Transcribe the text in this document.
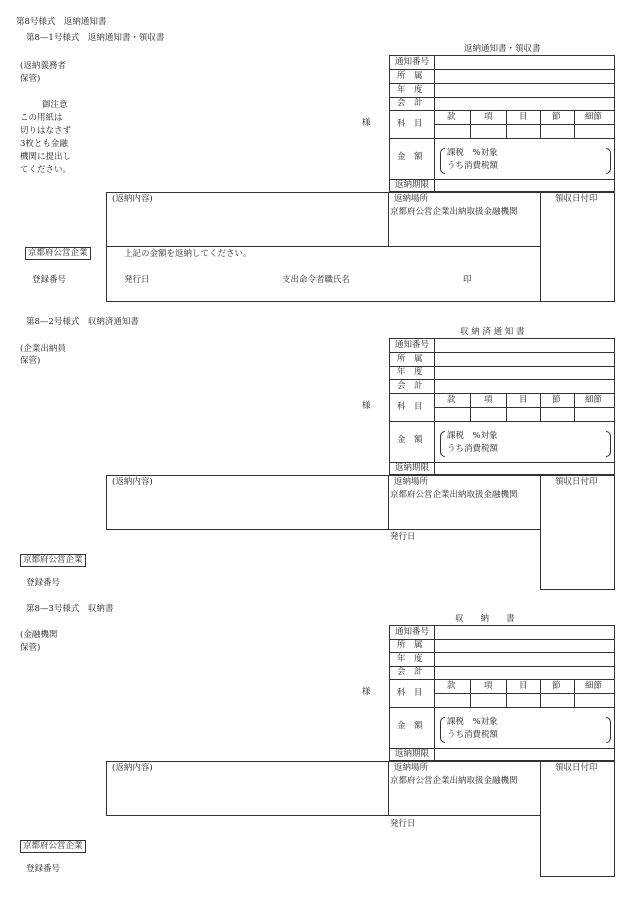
第8号様式　返納通知書
第8—1号様式　返納通知書・領収書
返納通知書・領収書
(返納義務者
保管)
御注意
この用紙は
切りはなさず
3枚とも金融
機関に提出し
てください。
様
通知番号
所　属
年　度
会　計
科　目
款	項	目	節	細節
金　額	課税　%対象
うち消費税額
返納期限
(返納内容)	返納場所
京都府公営企業出納取扱金融機関
領収日付印
上記の金額を返納してください。
発行日	支出命令者職氏名	印
京都府公営企業
登録番号
第8—2号様式　収納済通知書
収 納 済 通 知 書
(企業出納員
保管)
様
通知番号
所　属
年　度
会　計
科　目
款	項	目	節	細節
金　額	課税　%対象
うち消費税額
返納期限
(返納内容)	返納場所
京都府公営企業出納取扱金融機関
領収日付印
発行日
京都府公営企業
登録番号
第8—3号様式　収納書
収　　納　　書
(金融機関
保管)
様
通知番号
所　属
年　度
会　計
科　目
款	項	目	節	細節
金　額	課税　%対象
うち消費税額
返納期限
(返納内容)	返納場所
京都府公営企業出納取扱金融機関
領収日付印
発行日
京都府公営企業
登録番号
